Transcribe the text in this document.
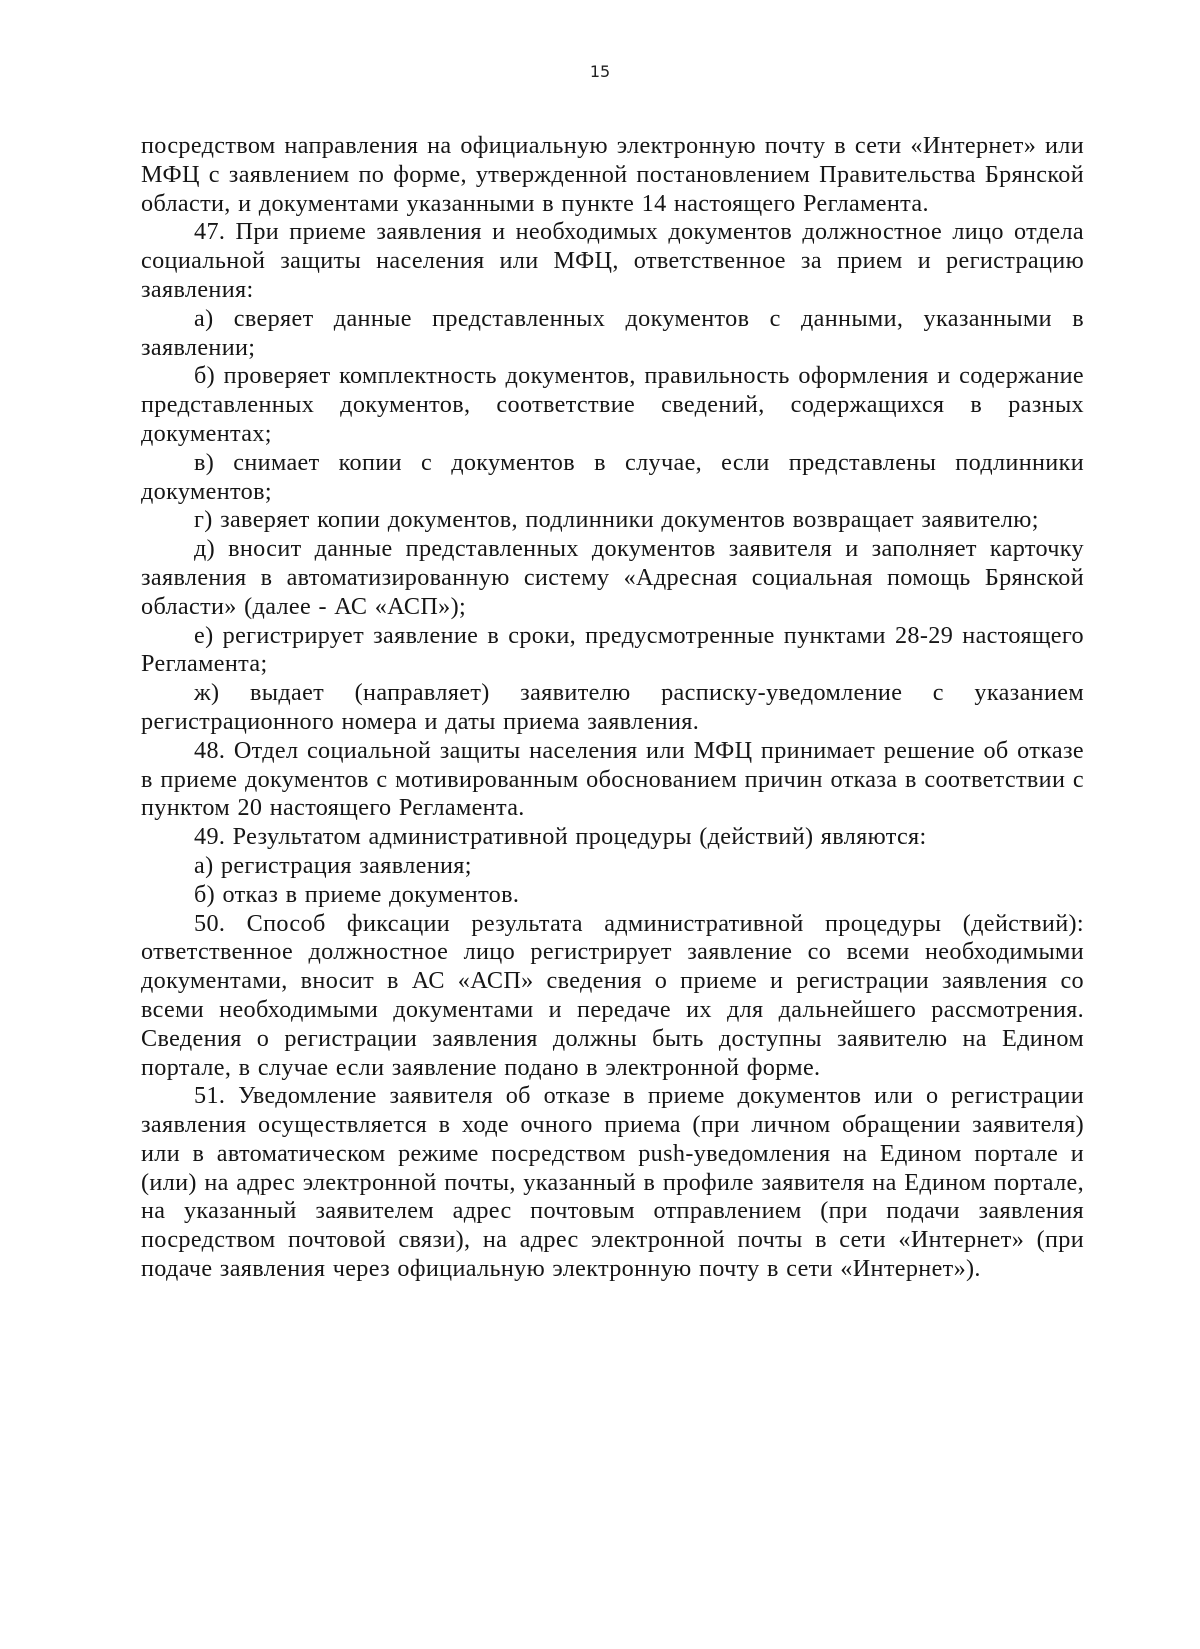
15

посредством направления на официальную электронную почту в сети «Интернет» или МФЦ с заявлением по форме, утвержденной постановлением Правительства Брянской области, и документами указанными в пункте 14 настоящего Регламента.

47. При приеме заявления и необходимых документов должностное лицо отдела социальной защиты населения или МФЦ, ответственное за прием и регистрацию заявления:

а) сверяет данные представленных документов с данными, указанными в заявлении;

б) проверяет комплектность документов, правильность оформления и содержание представленных документов, соответствие сведений, содержащихся в разных документах;

в) снимает копии с документов в случае, если представлены подлинники документов;

г) заверяет копии документов, подлинники документов возвращает заявителю;

д) вносит данные представленных документов заявителя и заполняет карточку заявления в автоматизированную систему «Адресная социальная помощь Брянской области» (далее - АС «АСП»);

е) регистрирует заявление в сроки, предусмотренные пунктами 28-29 настоящего Регламента;

ж) выдает (направляет) заявителю расписку-уведомление с указанием регистрационного номера и даты приема заявления.

48. Отдел социальной защиты населения или МФЦ принимает решение об отказе в приеме документов с мотивированным обоснованием причин отказа в соответствии с пунктом 20 настоящего Регламента.

49. Результатом административной процедуры (действий) являются:

а) регистрация заявления;

б) отказ в приеме документов.

50. Способ фиксации результата административной процедуры (действий): ответственное должностное лицо регистрирует заявление со всеми необходимыми документами, вносит в АС «АСП» сведения о приеме и регистрации заявления со всеми необходимыми документами и передаче их для дальнейшего рассмотрения. Сведения о регистрации заявления должны быть доступны заявителю на Едином портале, в случае если заявление подано в электронной форме.

51. Уведомление заявителя об отказе в приеме документов или о регистрации заявления осуществляется в ходе очного приема (при личном обращении заявителя) или в автоматическом режиме посредством push-уведомления на Едином портале и (или) на адрес электронной почты, указанный в профиле заявителя на Едином портале, на указанный заявителем адрес почтовым отправлением (при подачи заявления посредством почтовой связи), на адрес электронной почты в сети «Интернет» (при подаче заявления через официальную электронную почту в сети «Интернет»).
